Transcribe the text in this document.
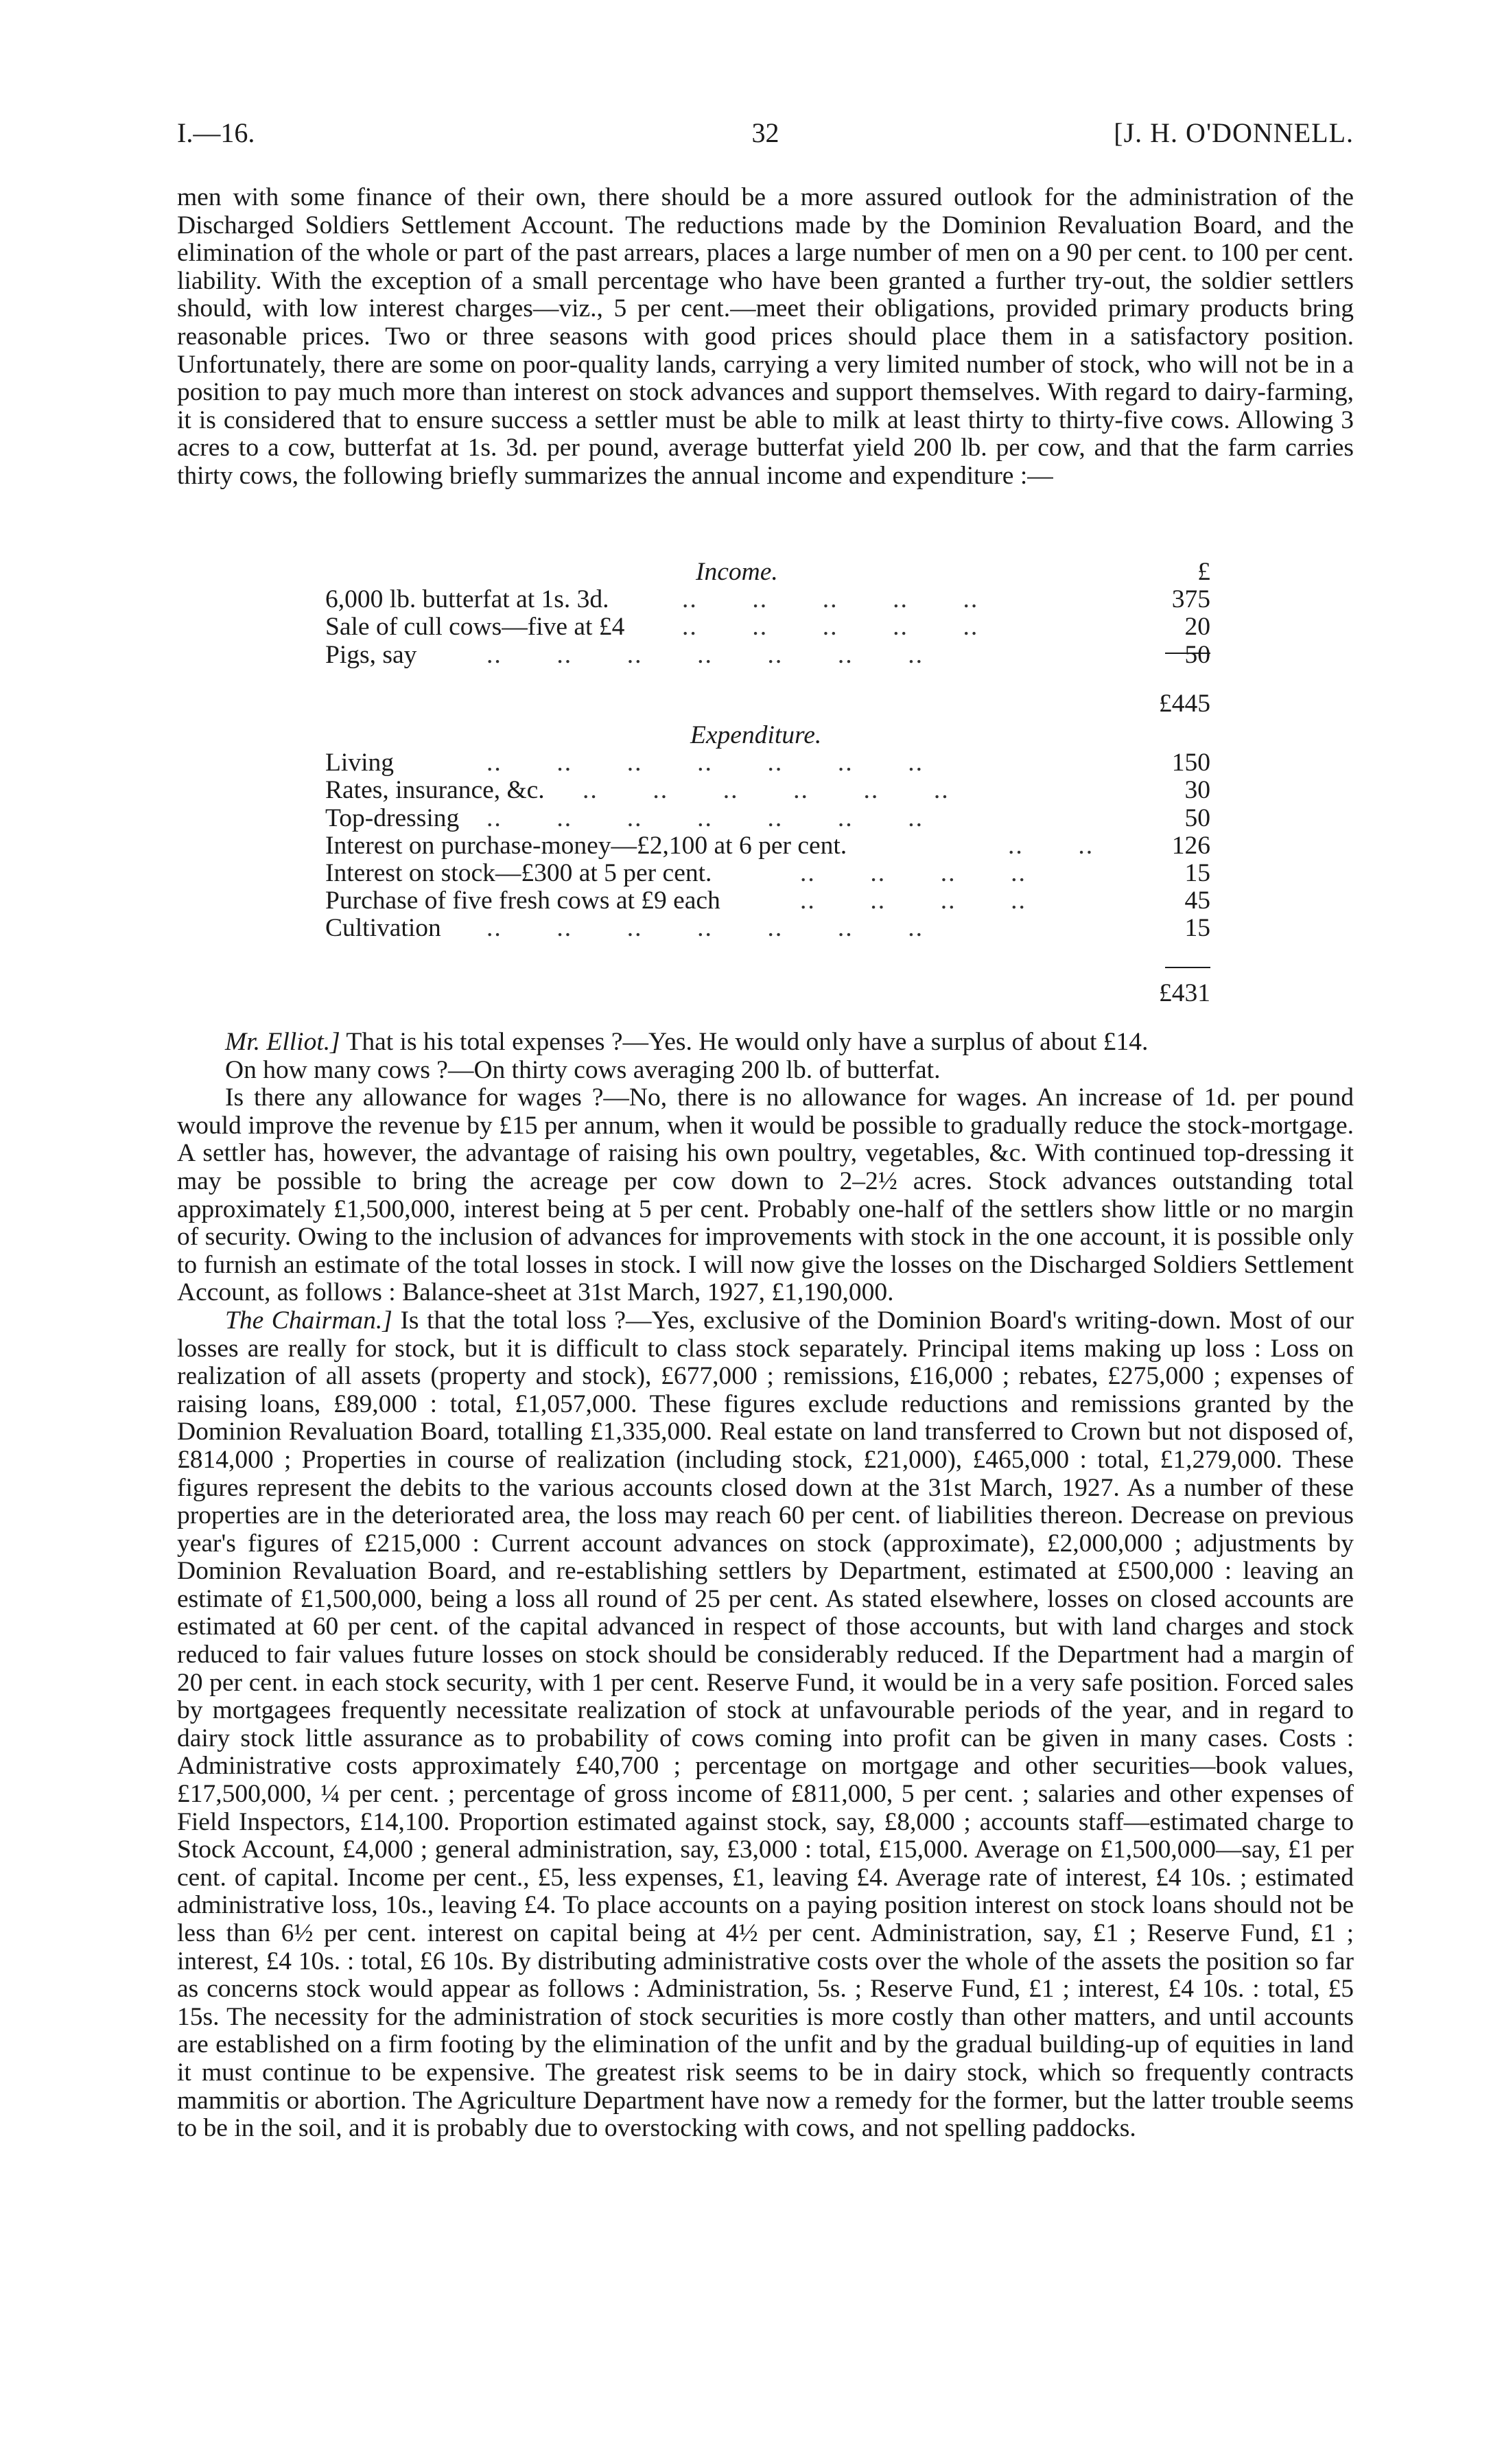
I.—16.	32	[J. H. O'DONNELL.

men with some finance of their own, there should be a more assured outlook for the administration of the Discharged Soldiers Settlement Account. The reductions made by the Dominion Revaluation Board, and the elimination of the whole or part of the past arrears, places a large number of men on a 90 per cent. to 100 per cent. liability. With the exception of a small percentage who have been granted a further try-out, the soldier settlers should, with low interest charges—viz., 5 per cent.—meet their obligations, provided primary products bring reasonable prices. Two or three seasons with good prices should place them in a satisfactory position. Unfortunately, there are some on poor-quality lands, carrying a very limited number of stock, who will not be in a position to pay much more than interest on stock advances and support themselves. With regard to dairy-farming, it is considered that to ensure success a settler must be able to milk at least thirty to thirty-five cows. Allowing 3 acres to a cow, butterfat at 1s. 3d. per pound, average butterfat yield 200 lb. per cow, and that the farm carries thirty cows, the following briefly summarizes the annual income and expenditure :—

Income.	£
6,000 lb. butterfat at 1s. 3d.	..       ..       ..       ..       ..	375
Sale of cull cows—five at £4 ..       ..       ..       ..       ..	20
Pigs, say	..       ..       ..       ..       ..       ..       ..	50
£445
Expenditure.
Living	..       ..       ..       ..       ..       ..       ..	150
Rates, insurance, &c. ..       ..       ..       ..       ..       ..	30
Top-dressing ..       ..       ..       ..       ..       ..       ..	50
Interest on purchase-money—£2,100 at 6 per cent.	..       ..	126
Interest on stock—£300 at 5 per cent.	..       ..       ..       ..	15
Purchase of five fresh cows at £9 each	..       ..       ..       ..	45
Cultivation ..       ..       ..       ..       ..       ..       ..	15
£431

Mr. Elliot.] That is his total expenses ?—Yes. He would only have a surplus of about £14.

On how many cows ?—On thirty cows averaging 200 lb. of butterfat.

Is there any allowance for wages ?—No, there is no allowance for wages. An increase of 1d. per pound would improve the revenue by £15 per annum, when it would be possible to gradually reduce the stock-mortgage. A settler has, however, the advantage of raising his own poultry, vegetables, &c. With continued top-dressing it may be possible to bring the acreage per cow down to 2–2½ acres. Stock advances outstanding total approximately £1,500,000, interest being at 5 per cent. Probably one-half of the settlers show little or no margin of security. Owing to the inclusion of advances for improvements with stock in the one account, it is possible only to furnish an estimate of the total losses in stock. I will now give the losses on the Discharged Soldiers Settlement Account, as follows : Balance-sheet at 31st March, 1927, £1,190,000.

The Chairman.] Is that the total loss ?—Yes, exclusive of the Dominion Board's writing-down. Most of our losses are really for stock, but it is difficult to class stock separately. Principal items making up loss : Loss on realization of all assets (property and stock), £677,000 ; remissions, £16,000 ; rebates, £275,000 ; expenses of raising loans, £89,000 : total, £1,057,000. These figures exclude reductions and remissions granted by the Dominion Revaluation Board, totalling £1,335,000. Real estate on land transferred to Crown but not disposed of, £814,000 ; Properties in course of realization (including stock, £21,000), £465,000 : total, £1,279,000. These figures represent the debits to the various accounts closed down at the 31st March, 1927. As a number of these properties are in the deteriorated area, the loss may reach 60 per cent. of liabilities thereon. Decrease on previous year's figures of £215,000 : Current account advances on stock (approximate), £2,000,000 ; adjustments by Dominion Revaluation Board, and re-establishing settlers by Department, estimated at £500,000 : leaving an estimate of £1,500,000, being a loss all round of 25 per cent. As stated elsewhere, losses on closed accounts are estimated at 60 per cent. of the capital advanced in respect of those accounts, but with land charges and stock reduced to fair values future losses on stock should be considerably reduced. If the Department had a margin of 20 per cent. in each stock security, with 1 per cent. Reserve Fund, it would be in a very safe position. Forced sales by mortgagees frequently necessitate realization of stock at unfavourable periods of the year, and in regard to dairy stock little assurance as to probability of cows coming into profit can be given in many cases. Costs : Administrative costs approximately £40,700 ; percentage on mortgage and other securities—book values, £17,500,000, ¼ per cent. ; percentage of gross income of £811,000, 5 per cent. ; salaries and other expenses of Field Inspectors, £14,100. Proportion estimated against stock, say, £8,000 ; accounts staff—estimated charge to Stock Account, £4,000 ; general administration, say, £3,000 : total, £15,000. Average on £1,500,000—say, £1 per cent. of capital. Income per cent., £5, less expenses, £1, leaving £4. Average rate of interest, £4 10s. ; estimated administrative loss, 10s., leaving £4. To place accounts on a paying position interest on stock loans should not be less than 6½ per cent. interest on capital being at 4½ per cent. Administration, say, £1 ; Reserve Fund, £1 ; interest, £4 10s. : total, £6 10s. By distributing administrative costs over the whole of the assets the position so far as concerns stock would appear as follows : Administration, 5s. ; Reserve Fund, £1 ; interest, £4 10s. : total, £5 15s. The necessity for the administration of stock securities is more costly than other matters, and until accounts are established on a firm footing by the elimination of the unfit and by the gradual building-up of equities in land it must continue to be expensive. The greatest risk seems to be in dairy stock, which so frequently contracts mammitis or abortion. The Agriculture Department have now a remedy for the former, but the latter trouble seems to be in the soil, and it is probably due to overstocking with cows, and not spelling paddocks.
